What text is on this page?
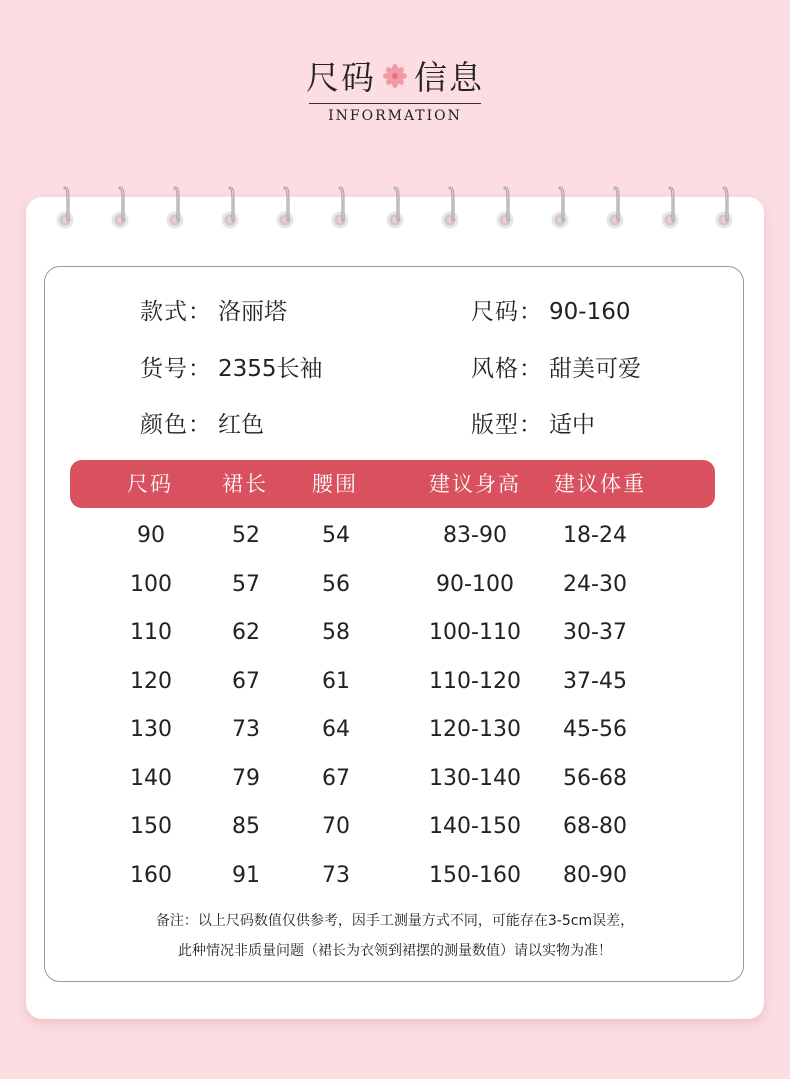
尺码 信息
INFORMATION
款式： 洛丽塔	尺码： 90-160
货号： 2355长袖	风格： 甜美可爱
颜色： 红色	版型： 适中
尺码	裙长	腰围	建议身高	建议体重
90	52	54	83-90	18-24
100	57	56	90-100	24-30
110	62	58	100-110	30-37
120	67	61	110-120	37-45
130	73	64	120-130	45-56
140	79	67	130-140	56-68
150	85	70	140-150	68-80
160	91	73	150-160	80-90
备注：以上尺码数值仅供参考，因手工测量方式不同，可能存在3-5cm误差，
此种情况非质量问题（裙长为衣领到裙摆的测量数值）请以实物为准！
